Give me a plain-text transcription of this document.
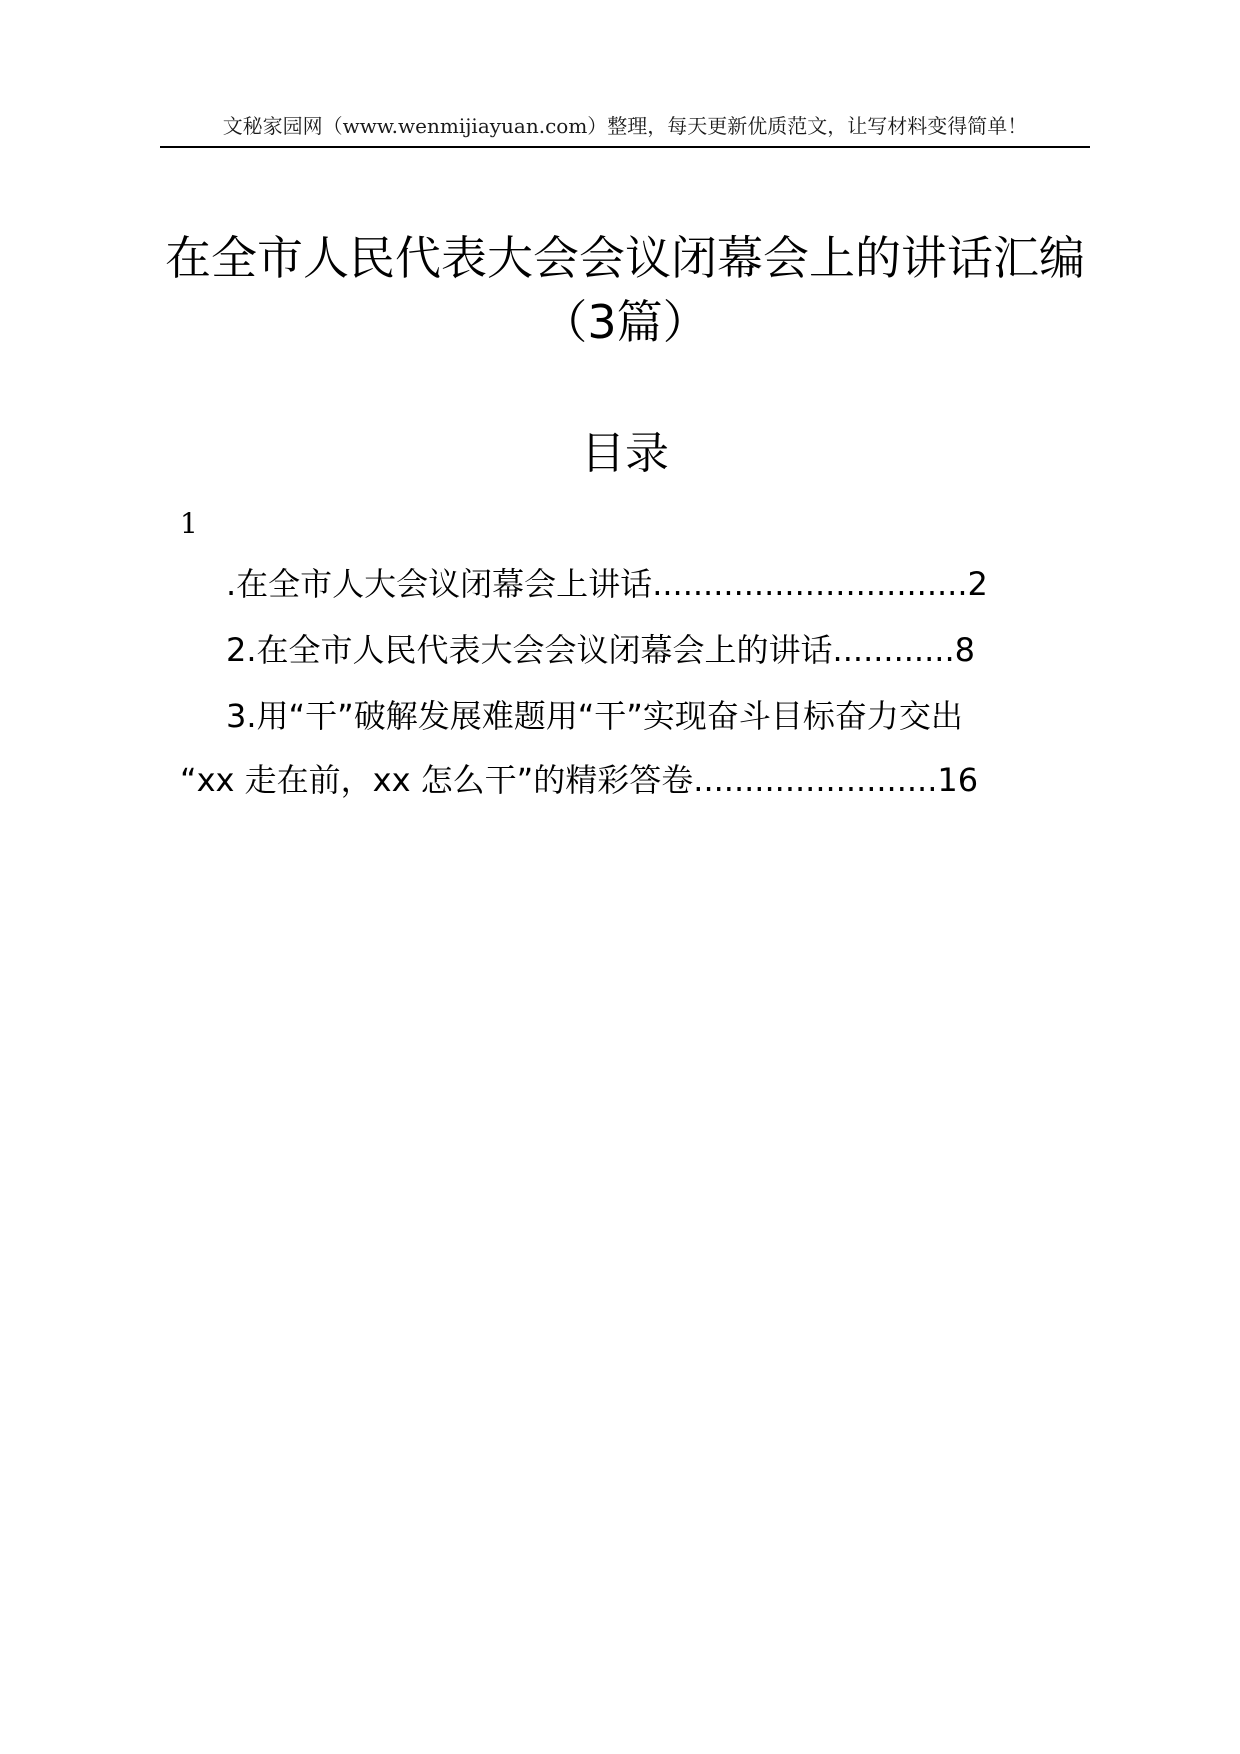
文秘家园网（www.wenmijiayuan.com）整理，每天更新优质范文，让写材料变得简单！
在全市人民代表大会会议闭幕会上的讲话汇编
（3篇）
目录
1
.在全市人大会议闭幕会上讲话...............................2
2.在全市人民代表大会会议闭幕会上的讲话............8
3.用“干”破解发展难题用“干”实现奋斗目标奋力交出
“xx 走在前，xx 怎么干”的精彩答卷........................16
